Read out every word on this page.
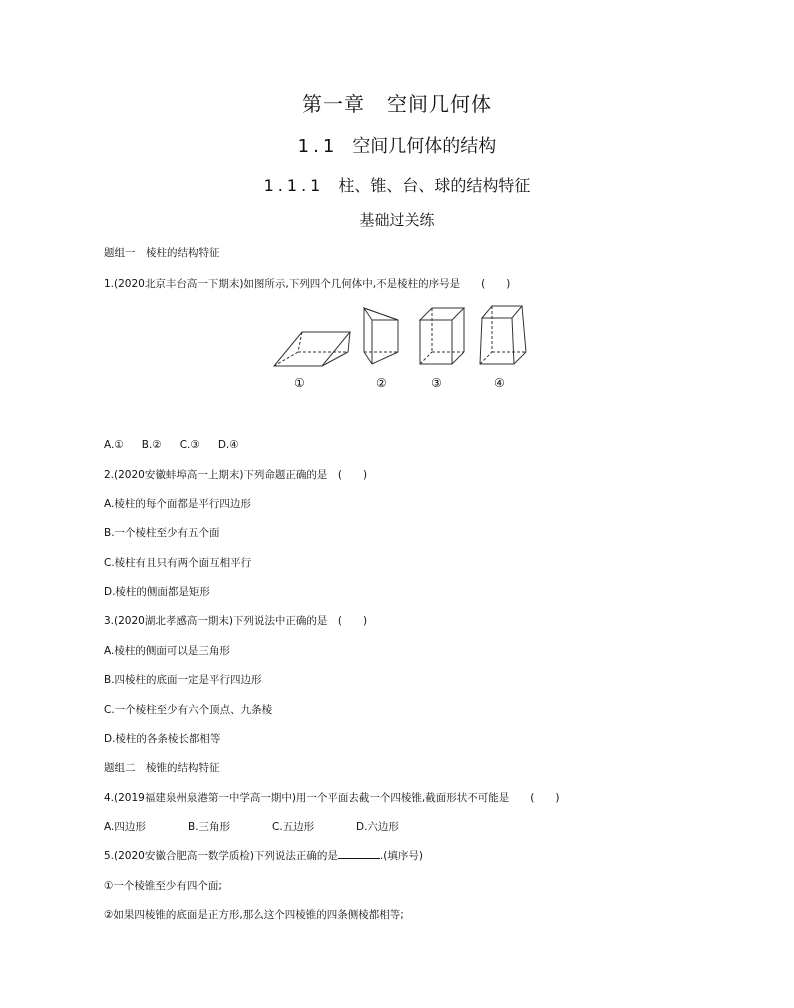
第一章 空间几何体
1.1 空间几何体的结构
1.1.1 柱、锥、台、球的结构特征
基础过关练
题组一　棱柱的结构特征
1.(2020北京丰台高一下期末)如图所示,下列四个几何体中,不是棱柱的序号是　　(　　)
①	②	③	④
A.① B.② C.③ D.④
2.(2020安徽蚌埠高一上期末)下列命题正确的是　(　　)
A.棱柱的每个面都是平行四边形
B.一个棱柱至少有五个面
C.棱柱有且只有两个面互相平行
D.棱柱的侧面都是矩形
3.(2020湖北孝感高一期末)下列说法中正确的是　(　　)
A.棱柱的侧面可以是三角形
B.四棱柱的底面一定是平行四边形
C.一个棱柱至少有六个顶点、九条棱
D.棱柱的各条棱长都相等
题组二　棱锥的结构特征
4.(2019福建泉州泉港第一中学高一期中)用一个平面去截一个四棱锥,截面形状不可能是　　(　　)
A.四边形	B.三角形	C.五边形	D.六边形
5.(2020安徽合肥高一数学质检)下列说法正确的是	.(填序号)
①一个棱锥至少有四个面;
②如果四棱锥的底面是正方形,那么这个四棱锥的四条侧棱都相等;
